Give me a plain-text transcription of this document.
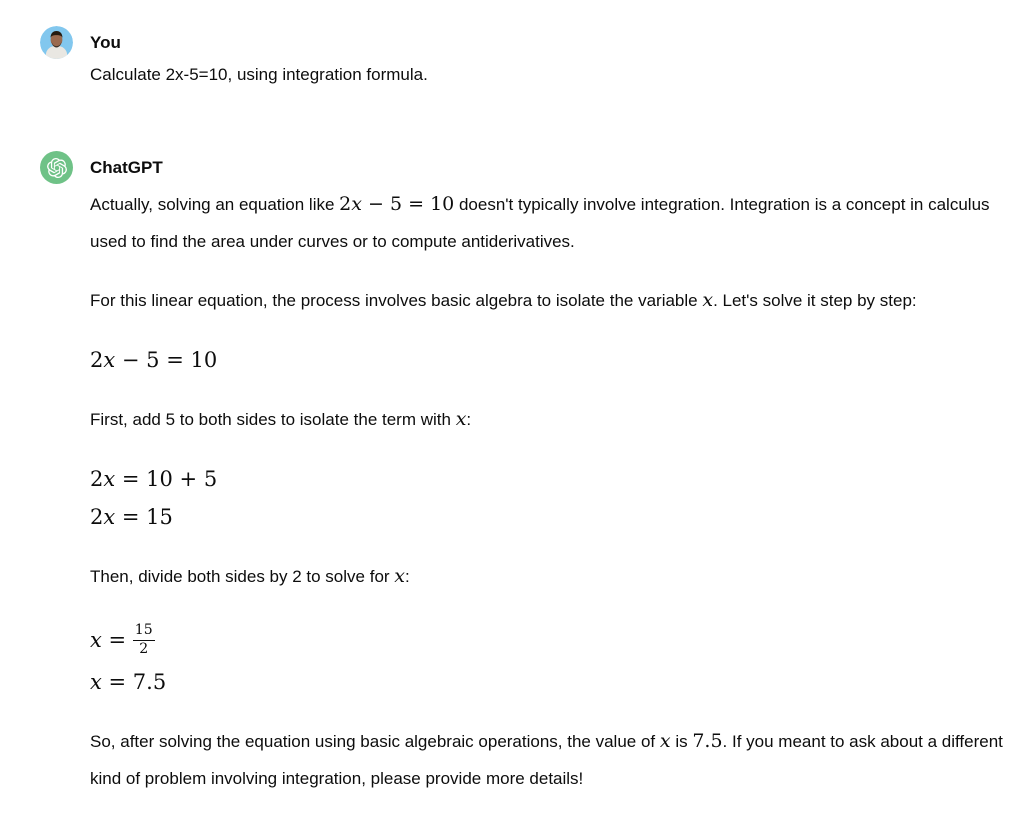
You

Calculate 2x-5=10, using integration formula.

ChatGPT

Actually, solving an equation like 2x − 5 = 10 doesn't typically involve integration. Integration is a concept in calculus used to find the area under curves or to compute antiderivatives.

For this linear equation, the process involves basic algebra to isolate the variable x. Let's solve it step by step:

2x − 5 = 10

First, add 5 to both sides to isolate the term with x:

2x = 10 + 5
2x = 15

Then, divide both sides by 2 to solve for x:

$x = \frac{15}{2}$
x = 7.5

So, after solving the equation using basic algebraic operations, the value of x is 7.5. If you meant to ask about a different kind of problem involving integration, please provide more details!
